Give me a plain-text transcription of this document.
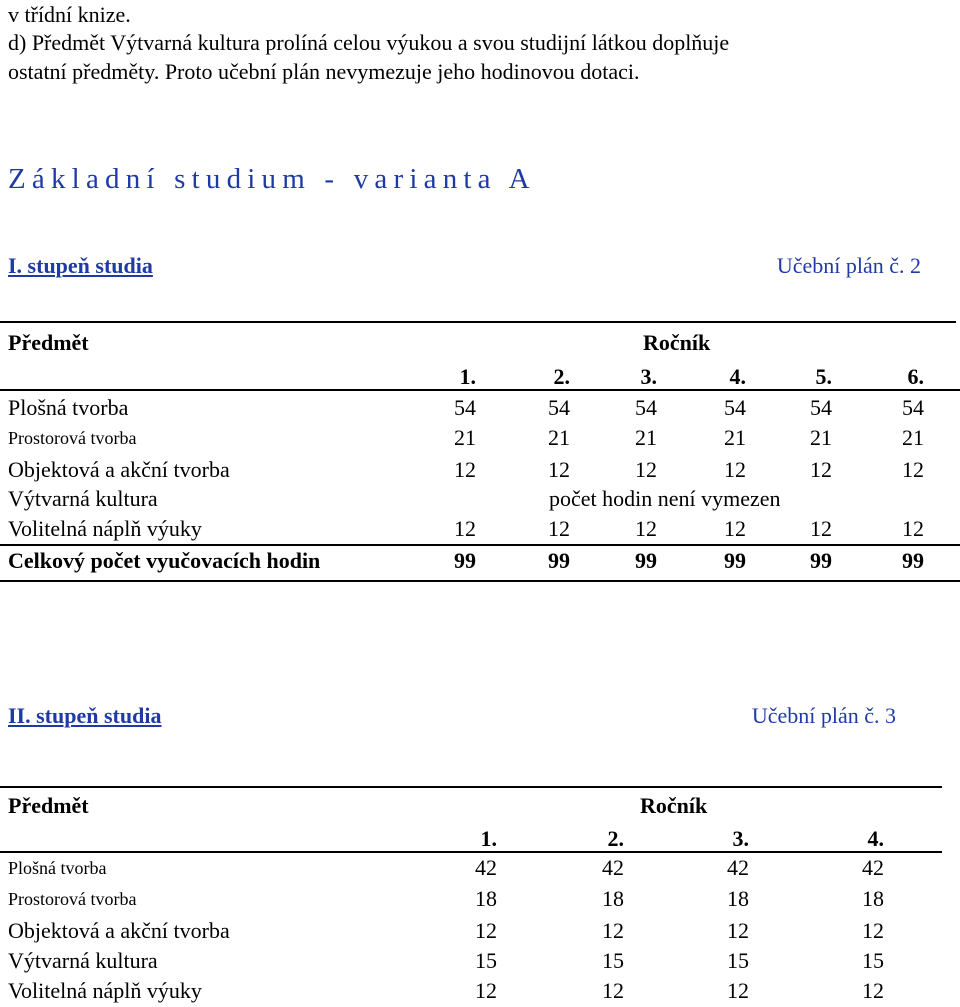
v třídní knize.
d) Předmět Výtvarná kultura prolíná celou výukou a svou studijní látkou doplňuje
ostatní předměty. Proto učební plán nevymezuje jeho hodinovou dotaci.
Základní studium - varianta A
I. stupeň studia	Učební plán č. 2
Předmět	Ročník
1.	2.	3.	4.	5.	6.
Plošná tvorba	54	54	54	54	54	54
Prostorová tvorba	21	21	21	21	21	21
Objektová a akční tvorba	12	12	12	12	12	12
Výtvarná kultura	počet hodin není vymezen
Volitelná náplň výuky	12	12	12	12	12	12
Celkový počet vyučovacích hodin	99	99	99	99	99	99
II. stupeň studia	Učební plán č. 3
Předmět	Ročník
1.	2.	3.	4.
Plošná tvorba	42	42	42	42
Prostorová tvorba	18	18	18	18
Objektová a akční tvorba	12	12	12	12
Výtvarná kultura	15	15	15	15
Volitelná náplň výuky	12	12	12	12
